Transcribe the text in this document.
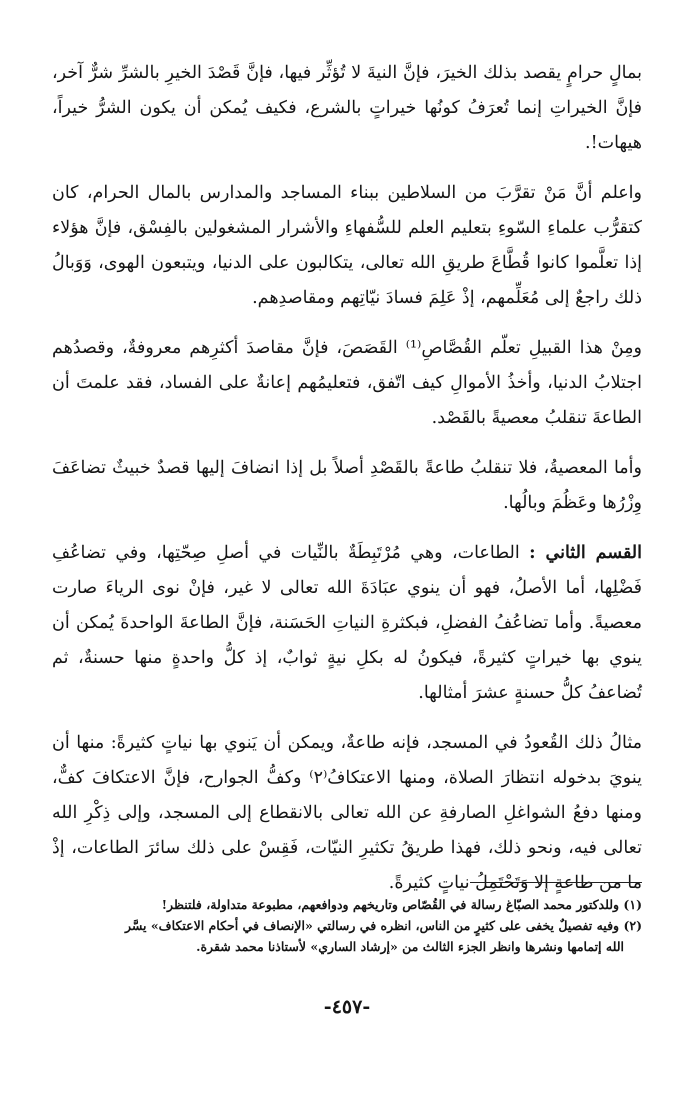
بمالٍ حرامٍ يقصد بذلك الخيرَ، فإنَّ النيةَ لا تُؤثِّر فيها، فإنَّ قَصْدَ الخيرِ بالشرِّ شرٌّ آخر، فإنَّ الخيراتِ إنما تُعرَفُ كونُها خيراتٍ بالشرع، فكيف يُمكن أن يكون الشرُّ خيراً، هيهات!.

واعلم أنَّ مَنْ تقرَّبَ من السلاطين ببناء المساجد والمدارس بالمال الحرام، كان كتقرُّب علماءِ السّوءِ بتعليم العلم للسُّفهاءِ والأشرار المشغولين بالفِسْق، فإنَّ هؤلاء إذا تعلَّموا كانوا قُطَّاعَ طريقِ الله تعالى، يتكالبون على الدنيا، ويتبعون الهوى، وَوَبالُ ذلك راجعٌ إلى مُعَلِّمهم، إذْ عَلِمَ فسادَ نيّاتِهم ومقاصدِهم.

ومِنْ هذا القبيلِ تعلّم القُصَّاصِ⁽¹⁾ القَصَصَ، فإنَّ مقاصدَ أكثرِهم معروفةٌ، وقصدُهم اجتلابُ الدنيا، وأخذُ الأموالِ كيف اتّفق، فتعليمُهم إعانةٌ على الفساد، فقد علمتَ أن الطاعةَ تنقلبُ معصيةً بالقَصْد.

وأما المعصيةُ، فلا تنقلبُ طاعةً بالقَصْدِ أصلاً بل إذا انضافَ إليها قصدٌ خبيثٌ تضاعَفَ وِزْرُها وعَظُمَ وبالُها.

القسم الثاني : الطاعات، وهي مُرْتَبِطَةٌ بالنِّيات في أصلِ صِحّتِها، وفي تضاعُفِ فَضْلِها، أما الأصلُ، فهو أن ينوي عبَادَةَ الله تعالى لا غير، فإنْ نوى الرياءَ صارت معصيةً. وأما تضاعُفُ الفضلِ، فبكثرةِ النياتِ الحَسَنة، فإنَّ الطاعةَ الواحدةَ يُمكن أن ينوي بها خيراتٍ كثيرةً، فيكونُ له بكلِ نيةٍ ثوابٌ، إذ كلُّ واحدةٍ منها حسنةٌ، ثم تُضاعفُ كلُّ حسنةٍ عشرَ أمثالها.

مثالُ ذلك القُعودُ في المسجد، فإنه طاعةٌ، ويمكن أن يَنوي بها نياتٍ كثيرةً: منها أن ينويَ بدخوله انتظارَ الصلاة، ومنها الاعتكافُ⁽٢⁾ وكفُّ الجوارح، فإنَّ الاعتكافَ كفٌّ، ومنها دفعُ الشواغلِ الصارفةِ عن الله تعالى بالانقطاع إلى المسجد، وإلى ذِكْرِ الله تعالى فيه، ونحو ذلك، فهذا طريقُ تكثيرِ النيّات، فَقِسْ على ذلك سائرَ الطاعات، إذْ ما من طاعةٍ إلا وَتَحْتَمِلُ نياتٍ كثيرةً.

(١) وللدكتور محمد الصبّاغ رسالة في القُصّاص وتاريخهم ودوافعهم، مطبوعة متداولة، فلتنظر!

(٢) وفيه تفصيلٌ يخفى على كثيرٍ من الناس، انظره في رسالتي «الإنصاف في أحكام الاعتكاف» يسَّر

الله إتمامها ونشرها وانظر الجزء الثالث من «إرشاد الساري» لأستاذنا محمد شقرة.

-٤٥٧-
